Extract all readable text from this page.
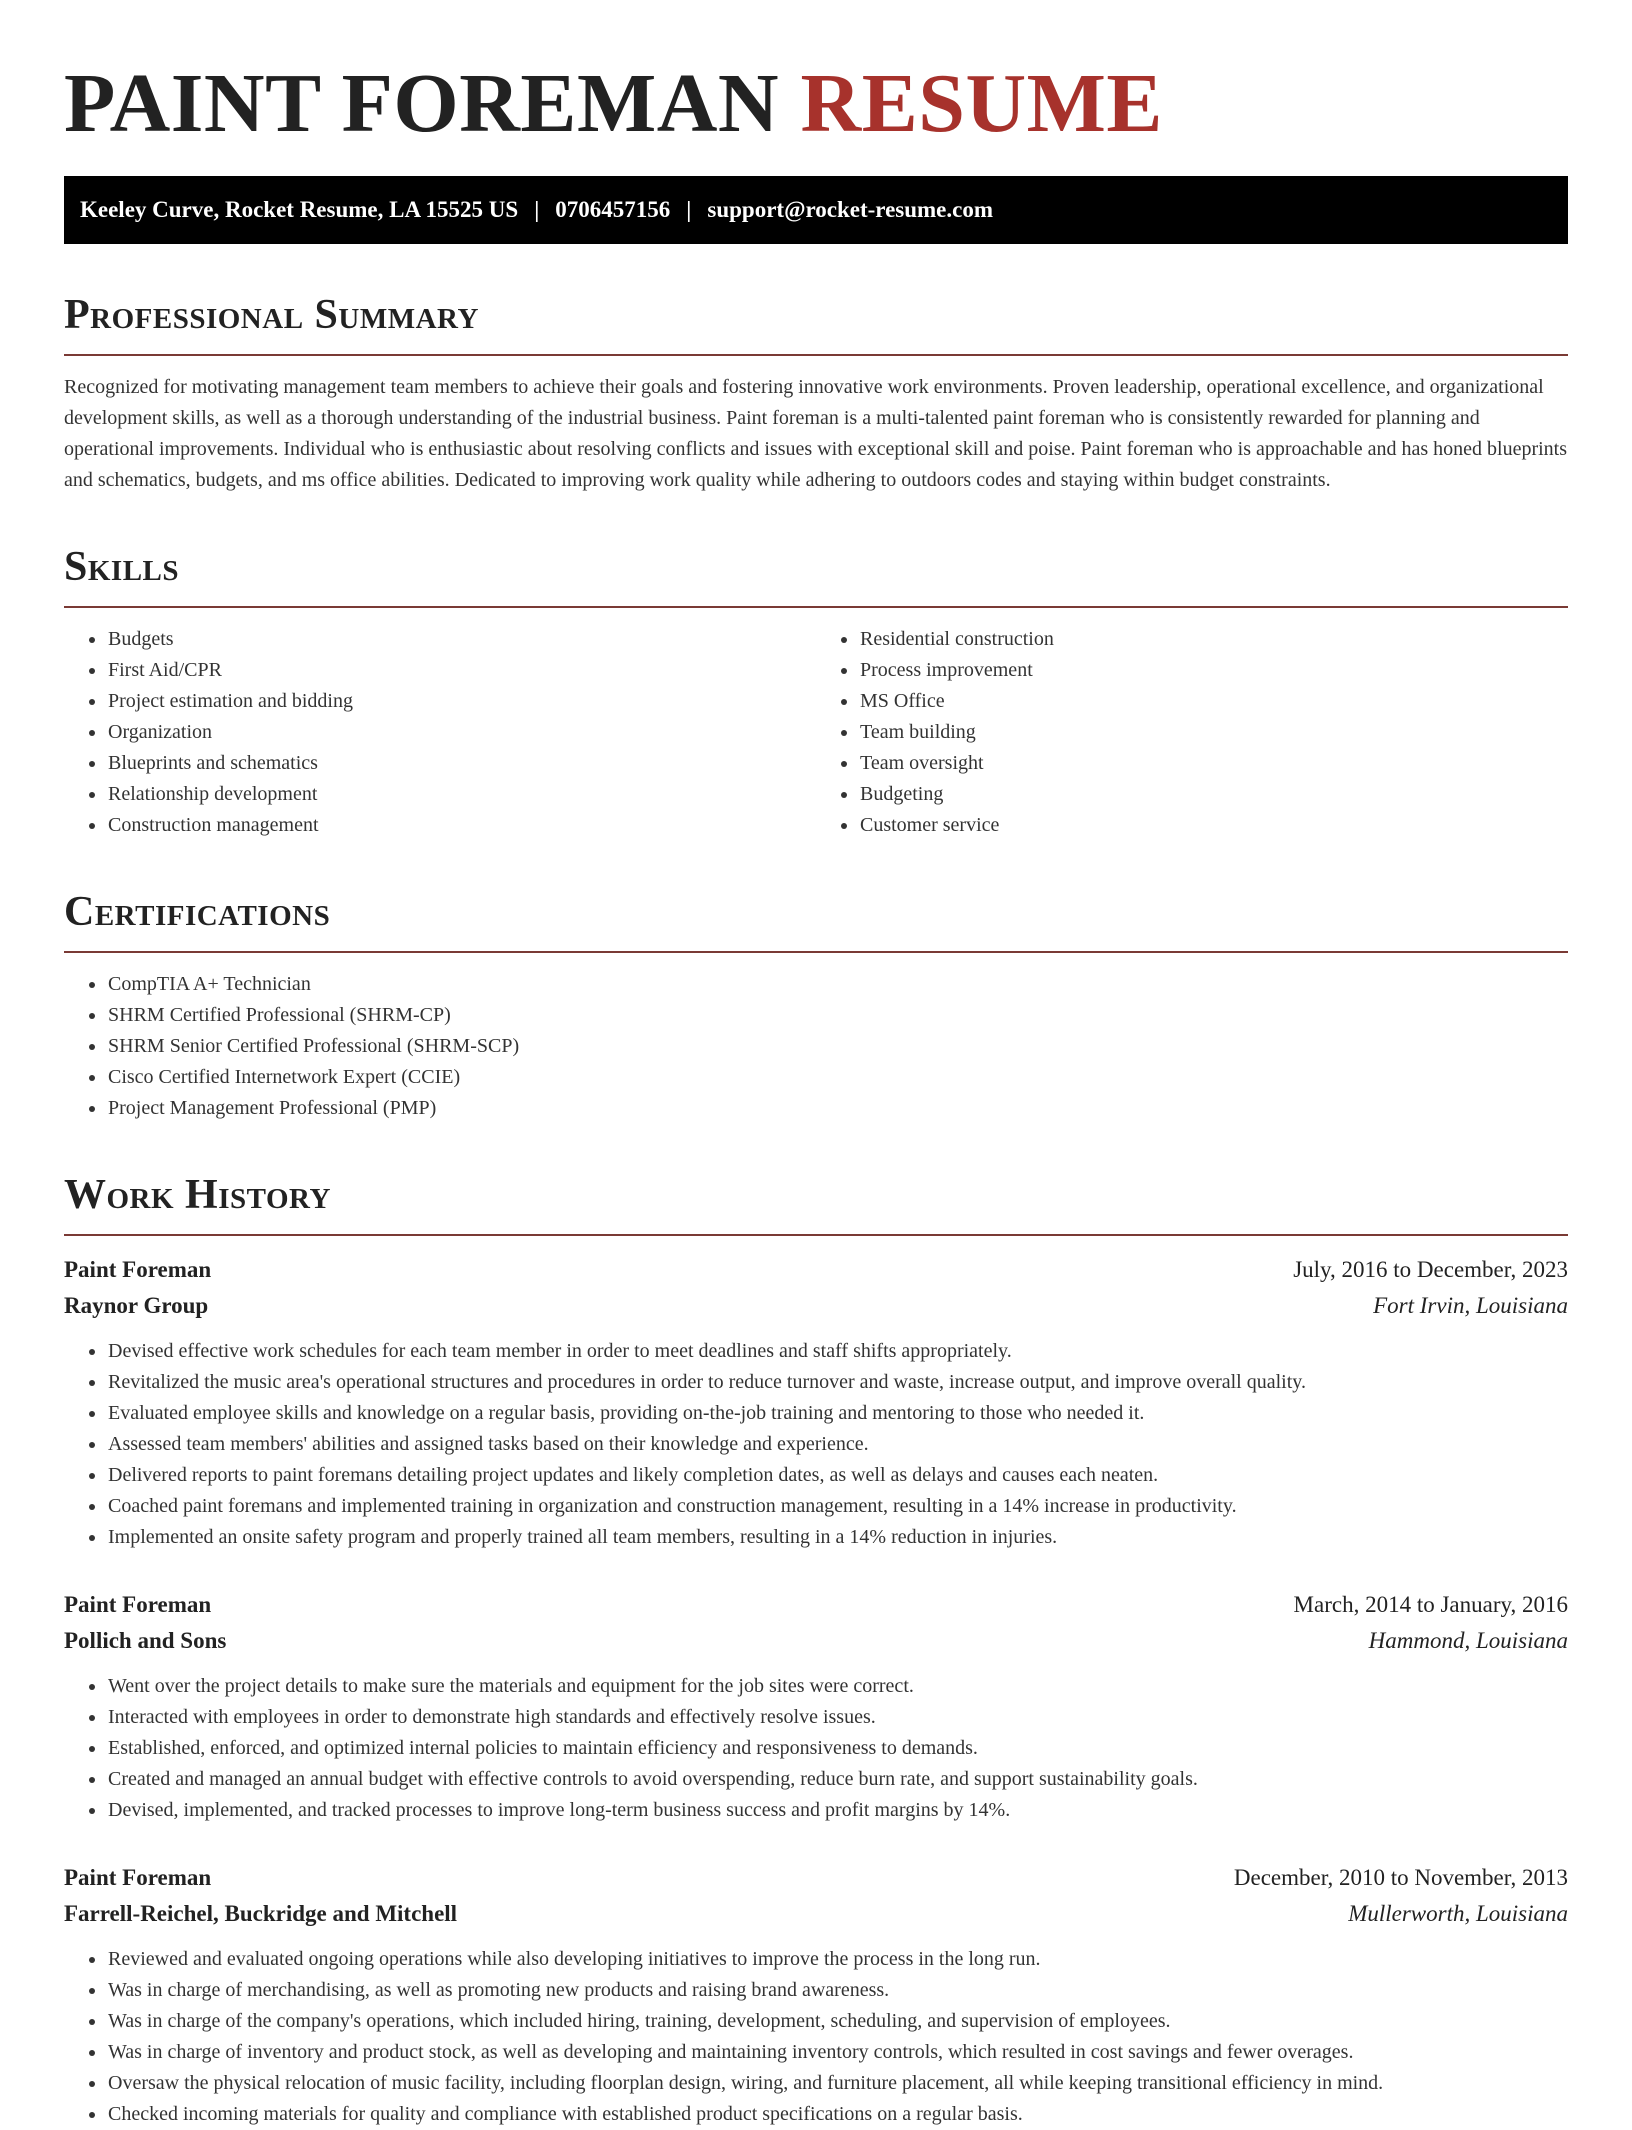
PAINT FOREMAN RESUME
Keeley Curve, Rocket Resume, LA 15525 US | 0706457156 | support@rocket-resume.com
Professional Summary

Recognized for motivating management team members to achieve their goals and fostering innovative work environments. Proven leadership, operational excellence, and organizational development skills, as well as a thorough understanding of the industrial business. Paint foreman is a multi-talented paint foreman who is consistently rewarded for planning and operational improvements. Individual who is enthusiastic about resolving conflicts and issues with exceptional skill and poise. Paint foreman who is approachable and has honed blueprints and schematics, budgets, and ms office abilities. Dedicated to improving work quality while adhering to outdoors codes and staying within budget constraints.

Skills
• Budgets
• First Aid/CPR
• Project estimation and bidding
• Organization
• Blueprints and schematics
• Relationship development
• Construction management
• Residential construction
• Process improvement
• MS Office
• Team building
• Team oversight
• Budgeting
• Customer service
Certifications
• CompTIA A+ Technician
• SHRM Certified Professional (SHRM-CP)
• SHRM Senior Certified Professional (SHRM-SCP)
• Cisco Certified Internetwork Expert (CCIE)
• Project Management Professional (PMP)
Work History
Paint Foreman	July, 2016 to December, 2023
Raynor Group	Fort Irvin, Louisiana
• Devised effective work schedules for each team member in order to meet deadlines and staff shifts appropriately.
• Revitalized the music area's operational structures and procedures in order to reduce turnover and waste, increase output, and improve overall quality.
• Evaluated employee skills and knowledge on a regular basis, providing on-the-job training and mentoring to those who needed it.
• Assessed team members' abilities and assigned tasks based on their knowledge and experience.
• Delivered reports to paint foremans detailing project updates and likely completion dates, as well as delays and causes each neaten.
• Coached paint foremans and implemented training in organization and construction management, resulting in a 14% increase in productivity.
• Implemented an onsite safety program and properly trained all team members, resulting in a 14% reduction in injuries.
Paint Foreman	March, 2014 to January, 2016
Pollich and Sons	Hammond, Louisiana
• Went over the project details to make sure the materials and equipment for the job sites were correct.
• Interacted with employees in order to demonstrate high standards and effectively resolve issues.
• Established, enforced, and optimized internal policies to maintain efficiency and responsiveness to demands.
• Created and managed an annual budget with effective controls to avoid overspending, reduce burn rate, and support sustainability goals.
• Devised, implemented, and tracked processes to improve long-term business success and profit margins by 14%.
Paint Foreman	December, 2010 to November, 2013
Farrell-Reichel, Buckridge and Mitchell	Mullerworth, Louisiana
• Reviewed and evaluated ongoing operations while also developing initiatives to improve the process in the long run.
• Was in charge of merchandising, as well as promoting new products and raising brand awareness.
• Was in charge of the company's operations, which included hiring, training, development, scheduling, and supervision of employees.
• Was in charge of inventory and product stock, as well as developing and maintaining inventory controls, which resulted in cost savings and fewer overages.
• Oversaw the physical relocation of music facility, including floorplan design, wiring, and furniture placement, all while keeping transitional efficiency in mind.
• Checked incoming materials for quality and compliance with established product specifications on a regular basis.
